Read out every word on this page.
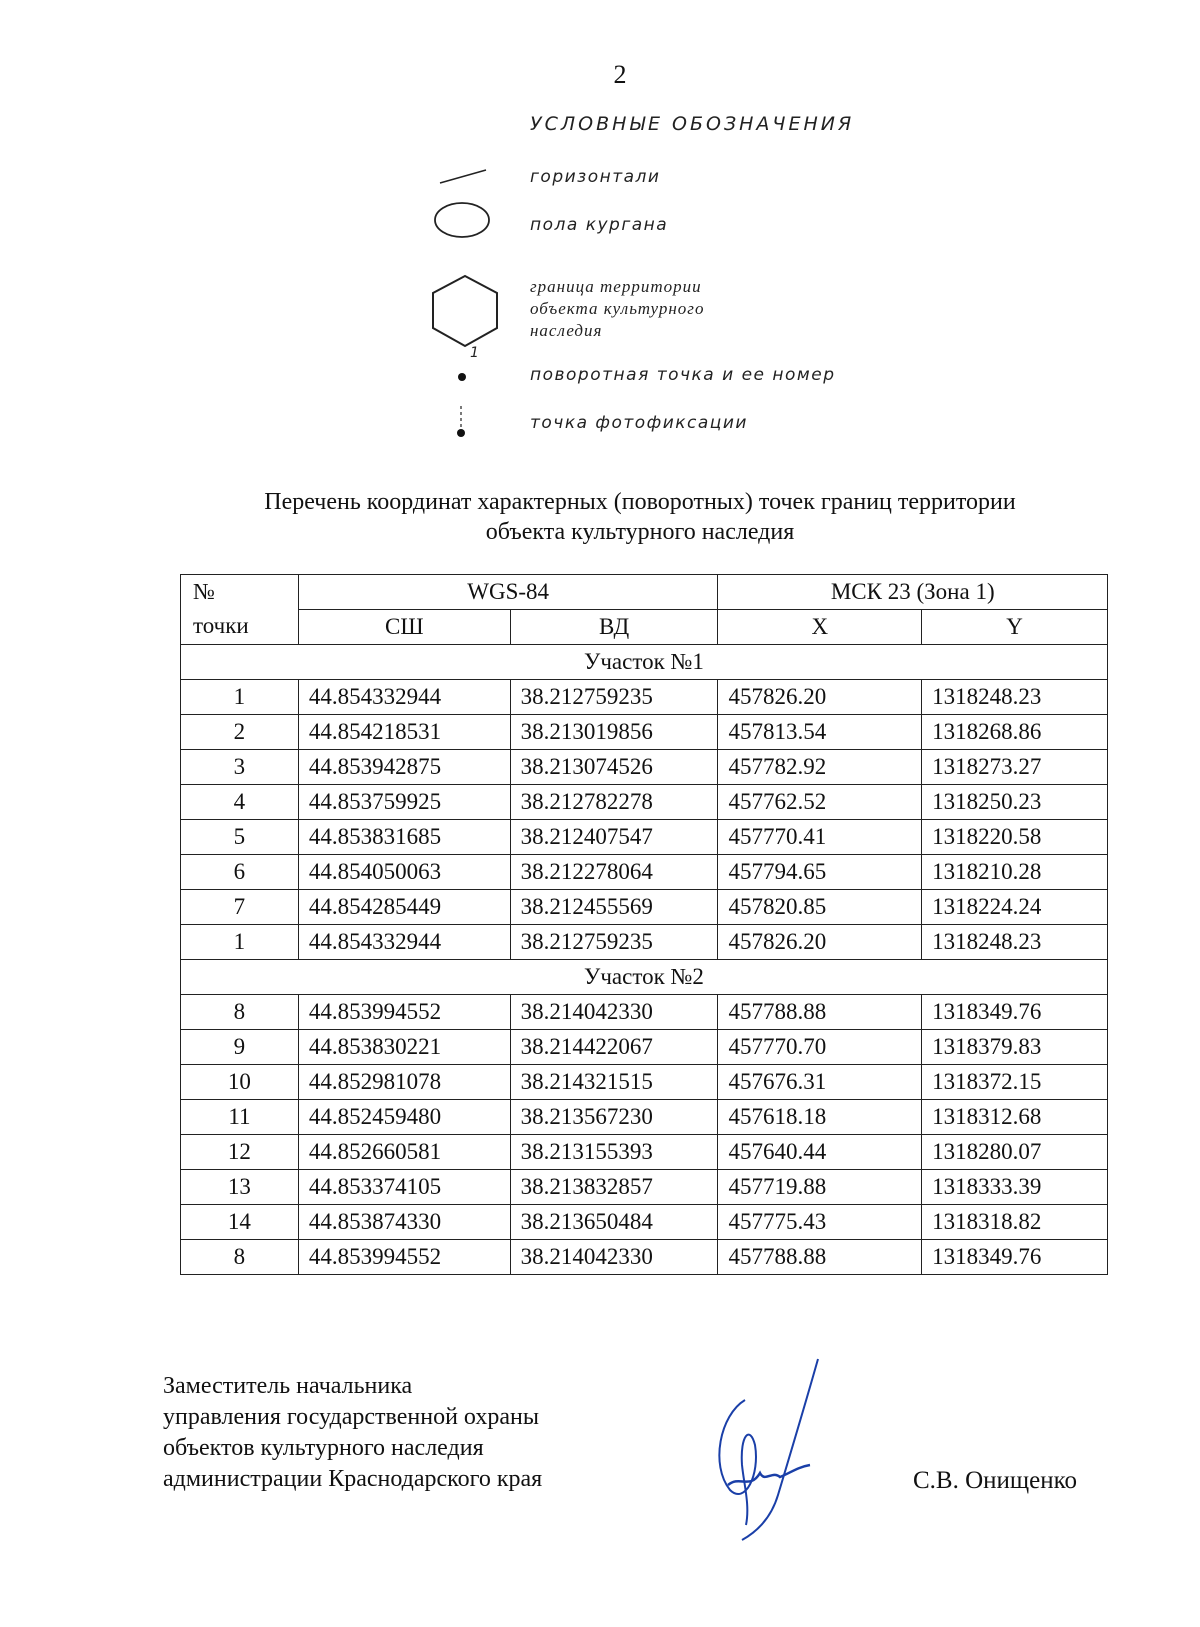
2
УСЛОВНЫЕ ОБОЗНАЧЕНИЯ
горизонтали
пола кургана
граница территории
объекта культурного
наследия
1
поворотная точка и ее номер
точка фотофиксации
Перечень координат характерных (поворотных) точек границ территории
объекта культурного наследия
№
точки	WGS-84		МСК 23 (Зона 1)	
	СШ	ВД	X	Y
Участок №1				
1	44.854332944	38.212759235	457826.20	1318248.23
2	44.854218531	38.213019856	457813.54	1318268.86
3	44.853942875	38.213074526	457782.92	1318273.27
4	44.853759925	38.212782278	457762.52	1318250.23
5	44.853831685	38.212407547	457770.41	1318220.58
6	44.854050063	38.212278064	457794.65	1318210.28
7	44.854285449	38.212455569	457820.85	1318224.24
1	44.854332944	38.212759235	457826.20	1318248.23
Участок №2				
8	44.853994552	38.214042330	457788.88	1318349.76
9	44.853830221	38.214422067	457770.70	1318379.83
10	44.852981078	38.214321515	457676.31	1318372.15
11	44.852459480	38.213567230	457618.18	1318312.68
12	44.852660581	38.213155393	457640.44	1318280.07
13	44.853374105	38.213832857	457719.88	1318333.39
14	44.853874330	38.213650484	457775.43	1318318.82
8	44.853994552	38.214042330	457788.88	1318349.76
Заместитель начальника
управления государственной охраны
объектов культурного наследия
администрации Краснодарского края	С.В. Онищенко
